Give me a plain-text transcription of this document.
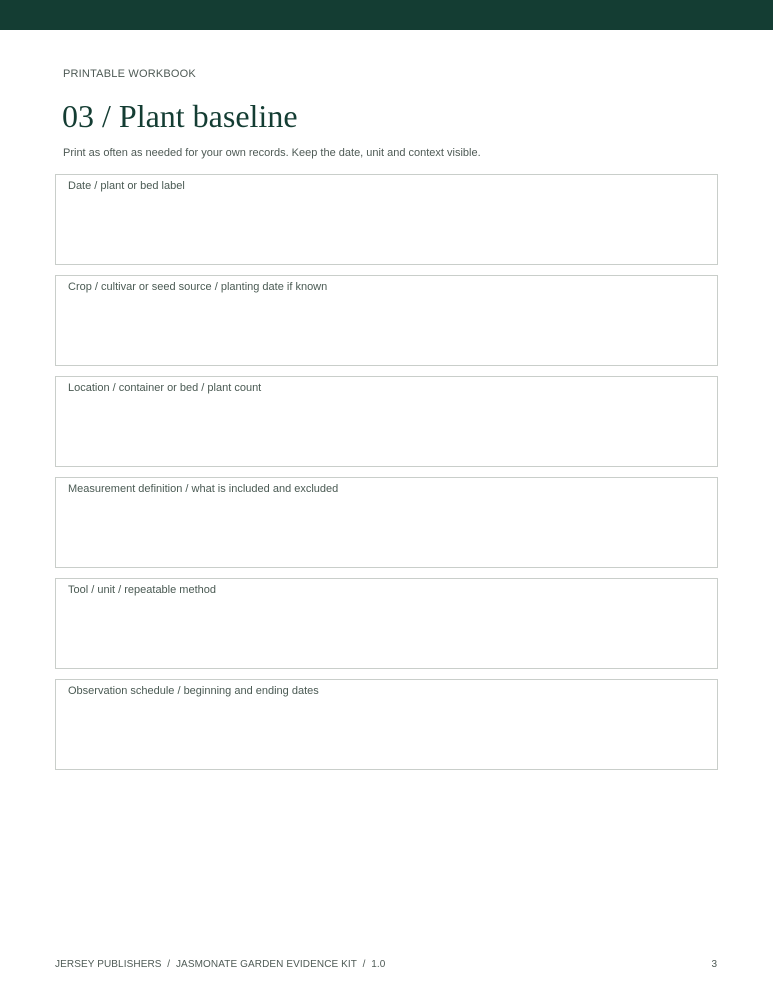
PRINTABLE WORKBOOK
03 / Plant baseline
Print as often as needed for your own records. Keep the date, unit and context visible.
Date / plant or bed label
Crop / cultivar or seed source / planting date if known
Location / container or bed / plant count
Measurement definition / what is included and excluded
Tool / unit / repeatable method
Observation schedule / beginning and ending dates
JERSEY PUBLISHERS  /  JASMONATE GARDEN EVIDENCE KIT  /  1.0	3
